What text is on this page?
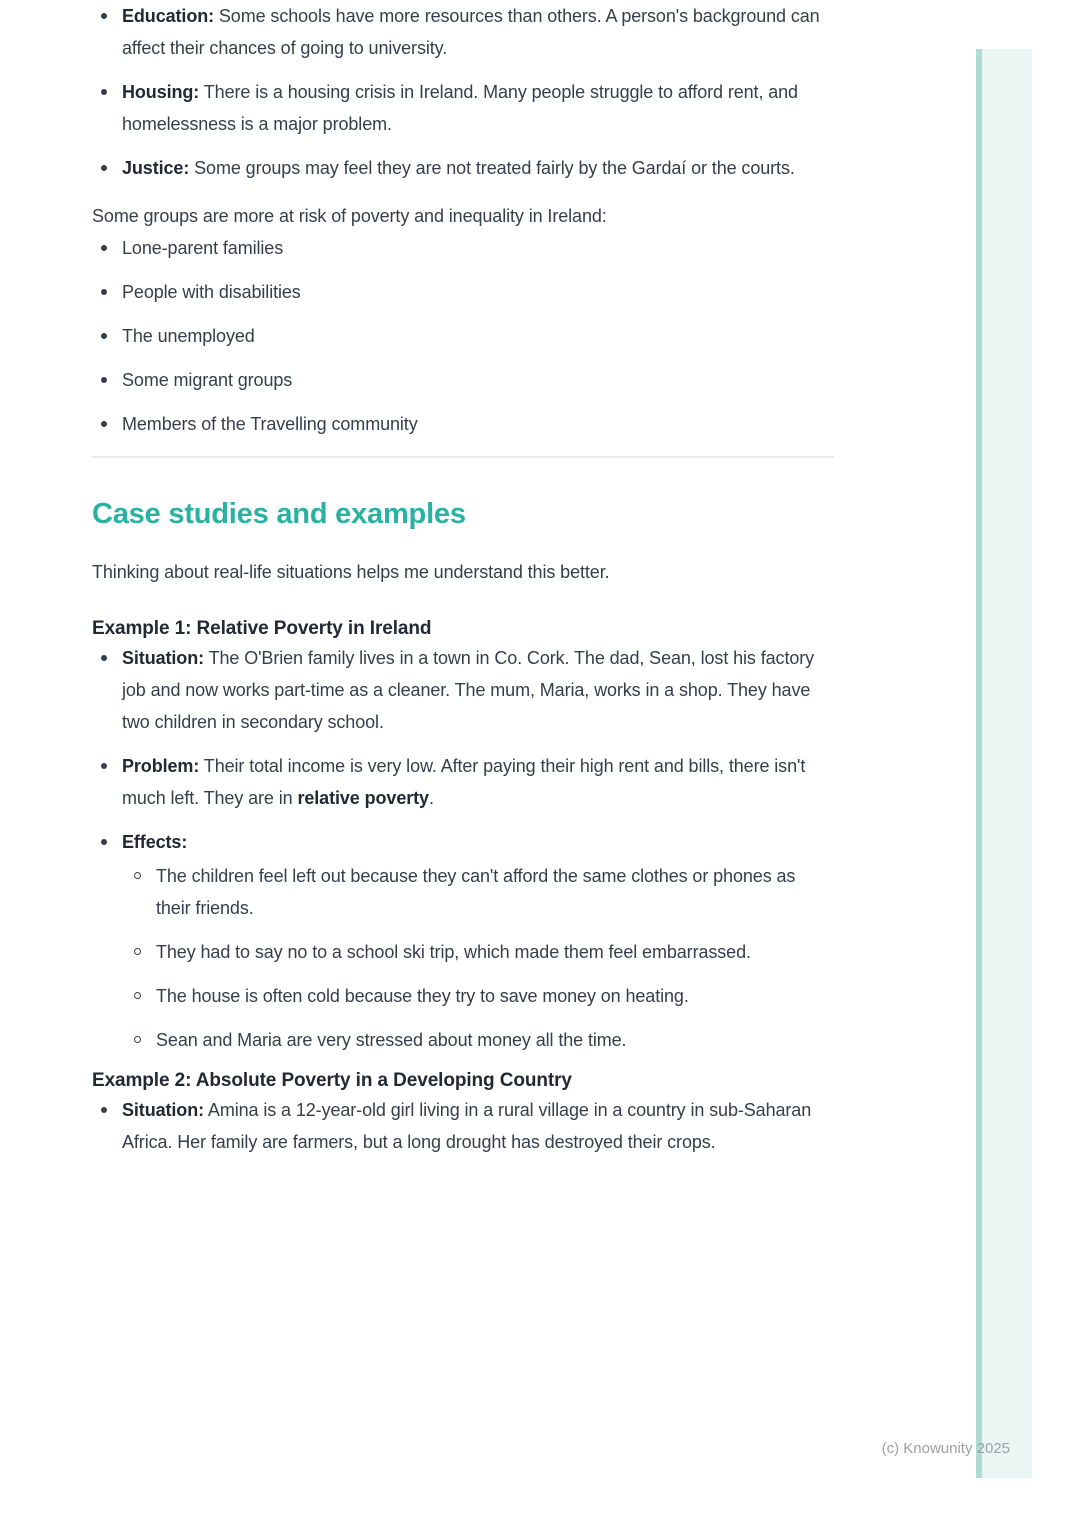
Education: Some schools have more resources than others. A person's background can affect their chances of going to university.
Housing: There is a housing crisis in Ireland. Many people struggle to afford rent, and homelessness is a major problem.
Justice: Some groups may feel they are not treated fairly by the Gardaí or the courts.

Some groups are more at risk of poverty and inequality in Ireland:

Lone-parent families
People with disabilities
The unemployed
Some migrant groups
Members of the Travelling community
Case studies and examples

Thinking about real-life situations helps me understand this better.

Example 1: Relative Poverty in Ireland
Situation: The O'Brien family lives in a town in Co. Cork. The dad, Sean, lost his factory job and now works part-time as a cleaner. The mum, Maria, works in a shop. They have two children in secondary school.
Problem: Their total income is very low. After paying their high rent and bills, there isn't much left. They are in relative poverty.
Effects:
The children feel left out because they can't afford the same clothes or phones as their friends.
They had to say no to a school ski trip, which made them feel embarrassed.
The house is often cold because they try to save money on heating.
Sean and Maria are very stressed about money all the time.
Example 2: Absolute Poverty in a Developing Country
Situation: Amina is a 12-year-old girl living in a rural village in a country in sub-Saharan Africa. Her family are farmers, but a long drought has destroyed their crops.
(c) Knowunity 2025
